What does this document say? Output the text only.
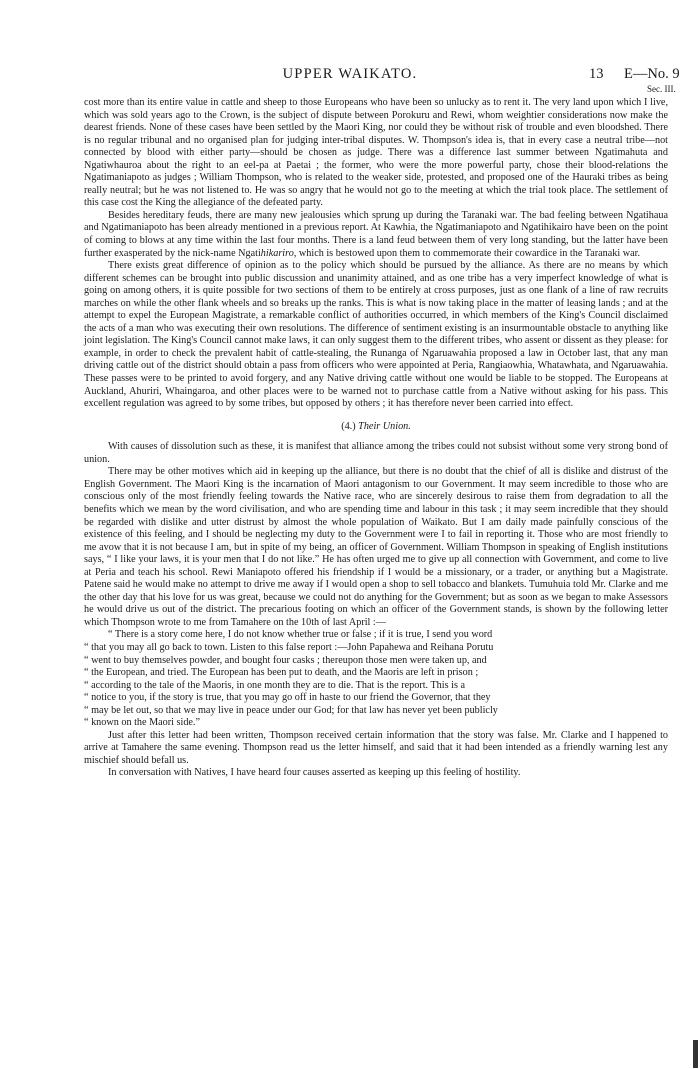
UPPER WAIKATO.	13 E—No. 9
Sec. III.

cost more than its entire value in cattle and sheep to those Europeans who have been so unlucky as to rent it. The very land upon which I live, which was sold years ago to the Crown, is the subject of dispute between Porokuru and Rewi, whom weightier considerations now make the dearest friends. None of these cases have been settled by the Maori King, nor could they be without risk of trouble and even bloodshed. There is no regular tribunal and no organised plan for judging inter-tribal disputes. W. Thompson's idea is, that in every case a neutral tribe—not connected by blood with either party—should be chosen as judge. There was a difference last summer between Ngatimahuta and Ngatiwhauroa about the right to an eel-pa at Paetai ; the former, who were the more powerful party, chose their blood-relations the Ngatimaniapoto as judges ; William Thompson, who is related to the weaker side, protested, and proposed one of the Hauraki tribes as being really neutral; but he was not listened to. He was so angry that he would not go to the meeting at which the trial took place. The settlement of this case cost the King the allegiance of the defeated party.

Besides hereditary feuds, there are many new jealousies which sprung up during the Taranaki war. The bad feeling between Ngatihaua and Ngatimaniapoto has been already mentioned in a previous report. At Kawhia, the Ngatimaniapoto and Ngatihikairo have been on the point of coming to blows at any time within the last four months. There is a land feud between them of very long standing, but the latter have been further exasperated by the nick-name Ngatihikariro, which is bestowed upon them to commemorate their cowardice in the Taranaki war.

There exists great difference of opinion as to the policy which should be pursued by the alliance. As there are no means by which different schemes can be brought into public discussion and unanimity attained, and as one tribe has a very imperfect knowledge of what is going on among others, it is quite possible for two sections of them to be entirely at cross purposes, just as one flank of a line of raw recruits marches on while the other flank wheels and so breaks up the ranks. This is what is now taking place in the matter of leasing lands ; and at the attempt to expel the European Magistrate, a remarkable conflict of authorities occurred, in which members of the King's Council disclaimed the acts of a man who was executing their own resolutions. The difference of sentiment existing is an insurmountable obstacle to anything like joint legislation. The King's Council cannot make laws, it can only suggest them to the different tribes, who assent or dissent as they please: for example, in order to check the prevalent habit of cattle-stealing, the Runanga of Ngaruawahia proposed a law in October last, that any man driving cattle out of the district should obtain a pass from officers who were appointed at Peria, Rangiaowhia, Whatawhata, and Ngaruawahia. These passes were to be printed to avoid forgery, and any Native driving cattle without one would be liable to be stopped. The Europeans at Auckland, Ahuriri, Whaingaroa, and other places were to be warned not to purchase cattle from a Native without asking for his pass. This excellent regulation was agreed to by some tribes, but opposed by others ; it has therefore never been carried into effect.

(4.) Their Union.

With causes of dissolution such as these, it is manifest that alliance among the tribes could not subsist without some very strong bond of union.

There may be other motives which aid in keeping up the alliance, but there is no doubt that the chief of all is dislike and distrust of the English Government. The Maori King is the incarnation of Maori antagonism to our Government. It may seem incredible to those who are conscious only of the most friendly feeling towards the Native race, who are sincerely desirous to raise them from degradation to all the benefits which we mean by the word civilisation, and who are spending time and labour in this task ; it may seem incredible that they should be regarded with dislike and utter distrust by almost the whole population of Waikato. But I am daily made painfully conscious of the existence of this feeling, and I should be neglecting my duty to the Government were I to fail in reporting it. Those who are most friendly to me avow that it is not because I am, but in spite of my being, an officer of Government. William Thompson in speaking of English institutions says, “ I like your laws, it is your men that I do not like.” He has often urged me to give up all connection with Government, and come to live at Peria and teach his school. Rewi Maniapoto offered his friendship if I would be a missionary, or a trader, or anything but a Magistrate. Patene said he would make no attempt to drive me away if I would open a shop to sell tobacco and blankets. Tumuhuia told Mr. Clarke and me the other day that his love for us was great, because we could not do anything for the Government; but as soon as we began to make Assessors he would drive us out of the district. The precarious footing on which an officer of the Government stands, is shown by the following letter which Thompson wrote to me from Tamahere on the 10th of last April :—

“ There is a story come here, I do not know whether true or false ; if it is true, I send you word

“ that you may all go back to town. Listen to this false report :—John Papahewa and Reihana Porutu

“ went to buy themselves powder, and bought four casks ; thereupon those men were taken up, and

“ the European, and tried. The European has been put to death, and the Maoris are left in prison ;

“ according to the tale of the Maoris, in one month they are to die. That is the report. This is a

“ notice to you, if the story is true, that you may go off in haste to our friend the Governor, that they

“ may be let out, so that we may live in peace under our God; for that law has never yet been publicly

“ known on the Maori side.”

Just after this letter had been written, Thompson received certain information that the story was false. Mr. Clarke and I happened to arrive at Tamahere the same evening. Thompson read us the letter himself, and said that it had been intended as a friendly warning lest any mischief should befall us.

In conversation with Natives, I have heard four causes asserted as keeping up this feeling of hostility.
